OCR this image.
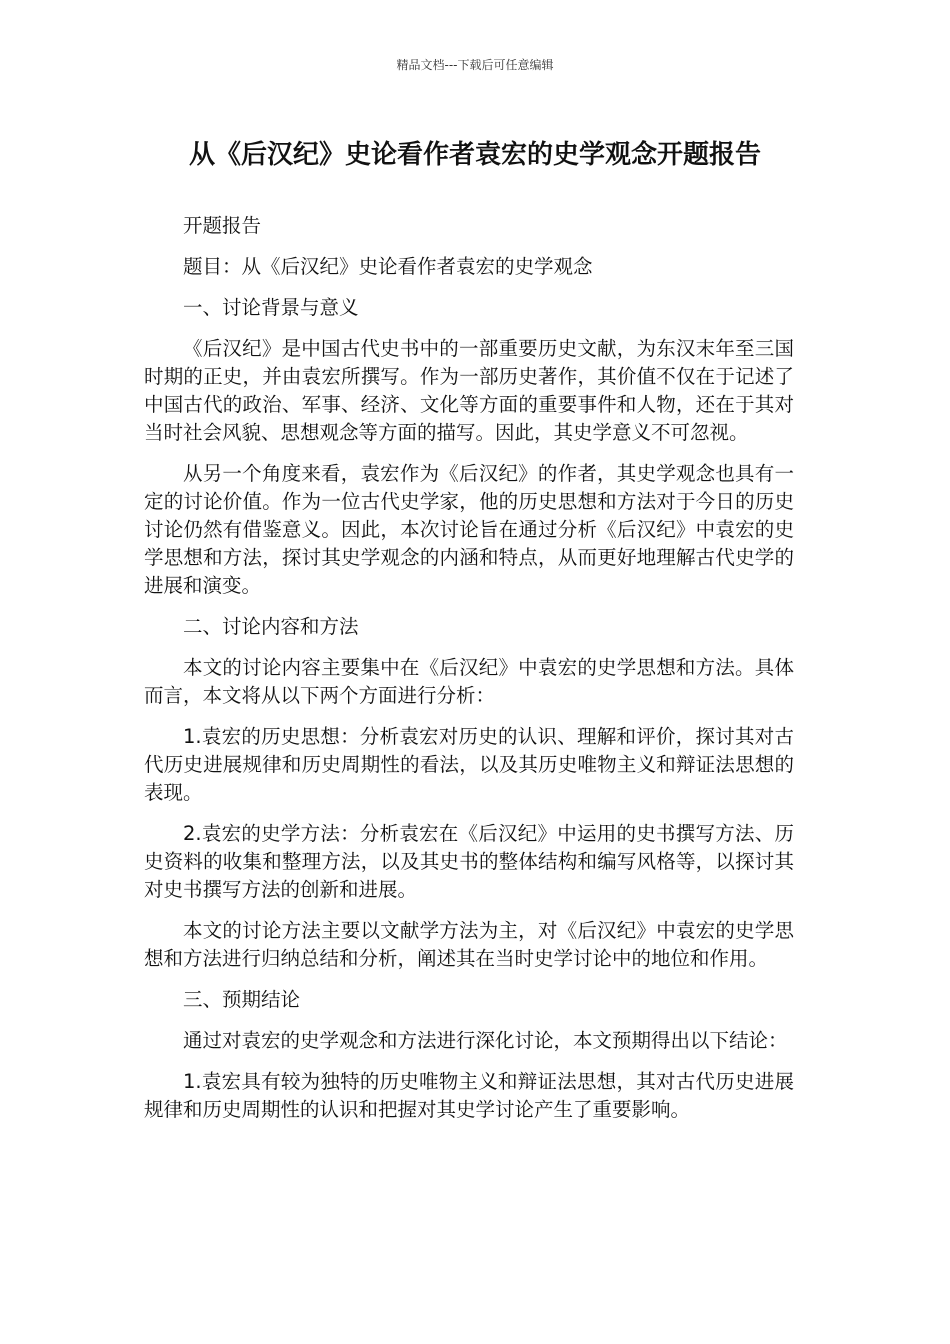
精品文档---下载后可任意编辑
从《后汉纪》史论看作者袁宏的史学观念开题报告

开题报告

题目：从《后汉纪》史论看作者袁宏的史学观念

一、讨论背景与意义

《后汉纪》是中国古代史书中的一部重要历史文献，为东汉末年至三国时期的正史，并由袁宏所撰写。作为一部历史著作，其价值不仅在于记述了中国古代的政治、军事、经济、文化等方面的重要事件和人物，还在于其对当时社会风貌、思想观念等方面的描写。因此，其史学意义不可忽视。

从另一个角度来看，袁宏作为《后汉纪》的作者，其史学观念也具有一定的讨论价值。作为一位古代史学家，他的历史思想和方法对于今日的历史讨论仍然有借鉴意义。因此，本次讨论旨在通过分析《后汉纪》中袁宏的史学思想和方法，探讨其史学观念的内涵和特点，从而更好地理解古代史学的进展和演变。

二、讨论内容和方法

本文的讨论内容主要集中在《后汉纪》中袁宏的史学思想和方法。具体而言，本文将从以下两个方面进行分析：

1.袁宏的历史思想：分析袁宏对历史的认识、理解和评价，探讨其对古代历史进展规律和历史周期性的看法，以及其历史唯物主义和辩证法思想的表现。

2.袁宏的史学方法：分析袁宏在《后汉纪》中运用的史书撰写方法、历史资料的收集和整理方法，以及其史书的整体结构和编写风格等，以探讨其对史书撰写方法的创新和进展。

本文的讨论方法主要以文献学方法为主，对《后汉纪》中袁宏的史学思想和方法进行归纳总结和分析，阐述其在当时史学讨论中的地位和作用。

三、预期结论

通过对袁宏的史学观念和方法进行深化讨论，本文预期得出以下结论：

1.袁宏具有较为独特的历史唯物主义和辩证法思想，其对古代历史进展规律和历史周期性的认识和把握对其史学讨论产生了重要影响。
